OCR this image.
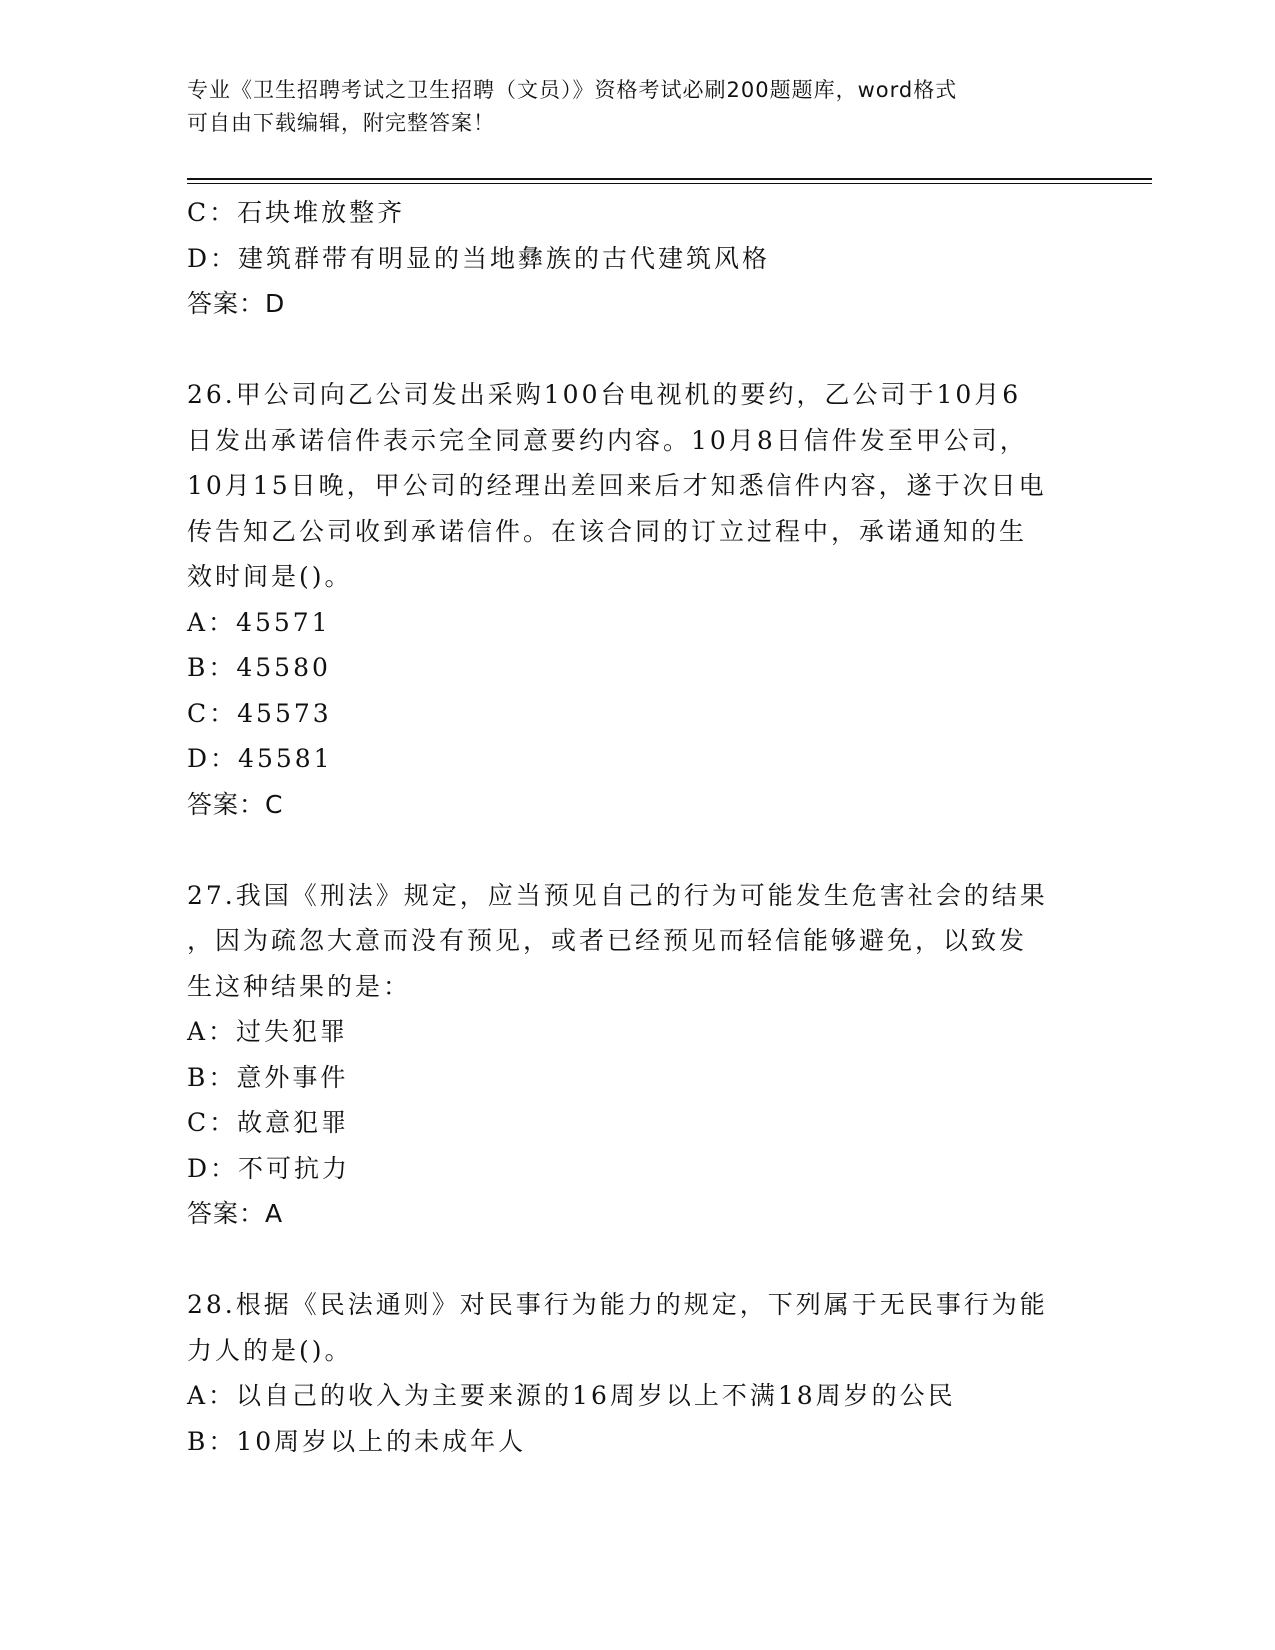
专业《卫生招聘考试之卫生招聘（文员）》资格考试必刷200题题库，word格式
可自由下载编辑，附完整答案！
C：石块堆放整齐
D：建筑群带有明显的当地彝族的古代建筑风格
答案：D
26.甲公司向乙公司发出采购100台电视机的要约，乙公司于10月6
日发出承诺信件表示完全同意要约内容。10月8日信件发至甲公司，
10月15日晚，甲公司的经理出差回来后才知悉信件内容，遂于次日电
传告知乙公司收到承诺信件。在该合同的订立过程中，承诺通知的生
效时间是()。
A：45571
B：45580
C：45573
D：45581
答案：C
27.我国《刑法》规定，应当预见自己的行为可能发生危害社会的结果
，因为疏忽大意而没有预见，或者已经预见而轻信能够避免，以致发
生这种结果的是：
A：过失犯罪
B：意外事件
C：故意犯罪
D：不可抗力
答案：A
28.根据《民法通则》对民事行为能力的规定，下列属于无民事行为能
力人的是()。
A：以自己的收入为主要来源的16周岁以上不满18周岁的公民
B：10周岁以上的未成年人
